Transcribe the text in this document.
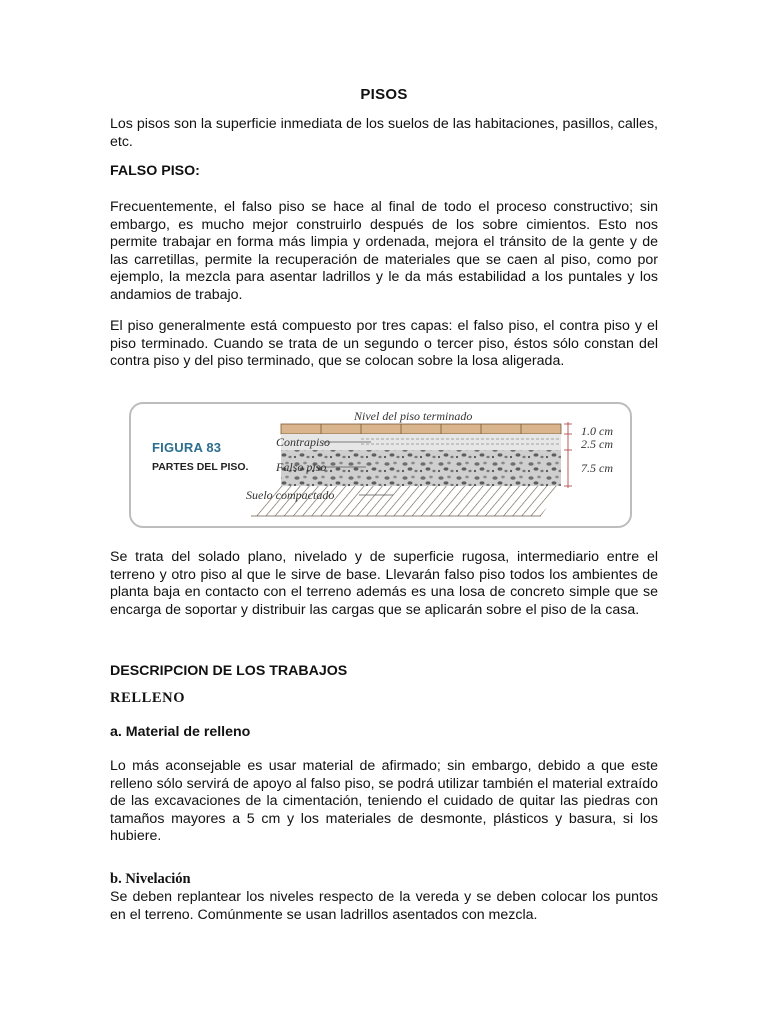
PISOS
Los pisos son la superficie inmediata de los suelos de las habitaciones, pasillos, calles, etc.
FALSO PISO:
Frecuentemente, el falso piso se hace al final de todo el proceso constructivo; sin embargo, es mucho mejor construirlo después de los sobre cimientos. Esto nos permite trabajar en forma más limpia y ordenada, mejora el tránsito de la gente y de las carretillas, permite la recuperación de materiales que se caen al piso, como por ejemplo, la mezcla para asentar ladrillos y le da más estabilidad a los puntales y los andamios de trabajo.
El piso generalmente está compuesto por tres capas: el falso piso, el contra piso y el piso terminado. Cuando se trata de un segundo o tercer piso, éstos sólo constan del contra piso y del piso terminado, que se colocan sobre la losa aligerada.
FIGURA 83
PARTES DEL PISO.
Nivel del piso terminado
Contrapiso
Falso piso
Suelo compactado
1.0 cm
2.5 cm
7.5 cm
Se trata del solado plano, nivelado y de superficie rugosa, intermediario entre el terreno y otro piso al que le sirve de base. Llevarán falso piso todos los ambientes de planta baja en contacto con el terreno además es una losa de concreto simple que se encarga de soportar y distribuir las cargas que se aplicarán sobre el piso de la casa.
DESCRIPCION DE LOS TRABAJOS
RELLENO
a. Material de relleno
Lo más aconsejable es usar material de afirmado; sin embargo, debido a que este relleno sólo servirá de apoyo al falso piso, se podrá utilizar también el material extraído de las excavaciones de la cimentación, teniendo el cuidado de quitar las piedras con tamaños mayores a 5 cm y los materiales de desmonte, plásticos y basura, si los hubiere.
b. Nivelación
Se deben replantear los niveles respecto de la vereda y se deben colocar los puntos en el terreno. Comúnmente se usan ladrillos asentados con mezcla.
